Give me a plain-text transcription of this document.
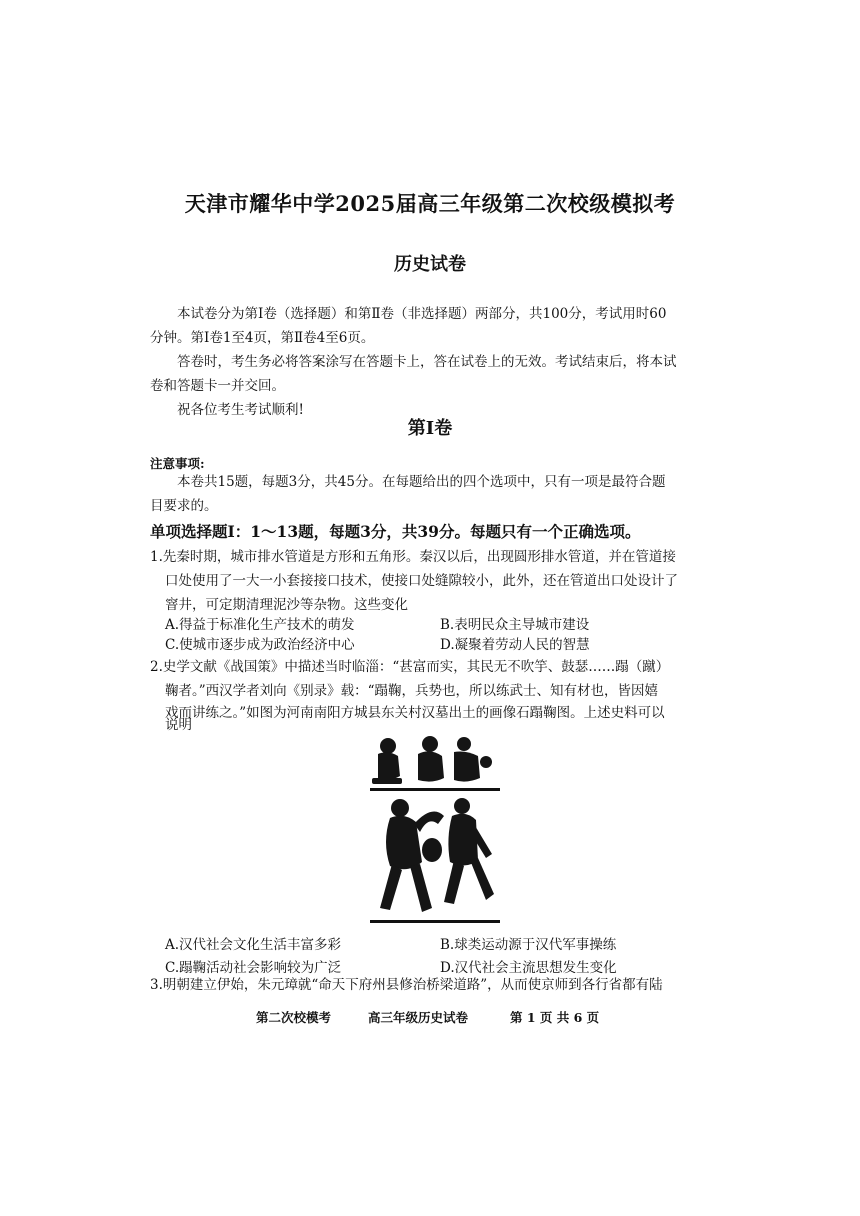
天津市耀华中学2025届高三年级第二次校级模拟考
历史试卷
本试卷分为第Ⅰ卷（选择题）和第Ⅱ卷（非选择题）两部分，共100分，考试用时60
分钟。第Ⅰ卷1至4页，第Ⅱ卷4至6页。
答卷时，考生务必将答案涂写在答题卡上，答在试卷上的无效。考试结束后，将本试
卷和答题卡一并交回。
祝各位考生考试顺利!
第Ⅰ卷
注意事项:
本卷共15题，每题3分，共45分。在每题给出的四个选项中，只有一项是最符合题
目要求的。
单项选择题Ⅰ：1～13题，每题3分，共39分。每题只有一个正确选项。
1.先秦时期，城市排水管道是方形和五角形。秦汉以后，出现圆形排水管道，并在管道接
口处使用了一大一小套接接口技术，使接口处缝隙较小，此外，还在管道出口处设计了
窨井，可定期清理泥沙等杂物。这些变化
A.得益于标准化生产技术的萌发	B.表明民众主导城市建设
C.使城市逐步成为政治经济中心	D.凝聚着劳动人民的智慧
2.史学文献《战国策》中描述当时临淄：“甚富而实，其民无不吹竽、鼓瑟……蹋（蹴）
鞠者。”西汉学者刘向《别录》载：“蹋鞠，兵势也，所以练武士、知有材也，皆因嬉
戏而讲练之。”如图为河南南阳方城县东关村汉墓出土的画像石蹋鞠图。上述史料可以
说明
A.汉代社会文化生活丰富多彩	B.球类运动源于汉代军事操练
C.蹋鞠活动社会影响较为广泛	D.汉代社会主流思想发生变化
3.明朝建立伊始，朱元璋就“命天下府州县修治桥梁道路”，从而使京师到各行省都有陆
第二次校模考	高三年级历史试卷	第 1 页 共 6 页
